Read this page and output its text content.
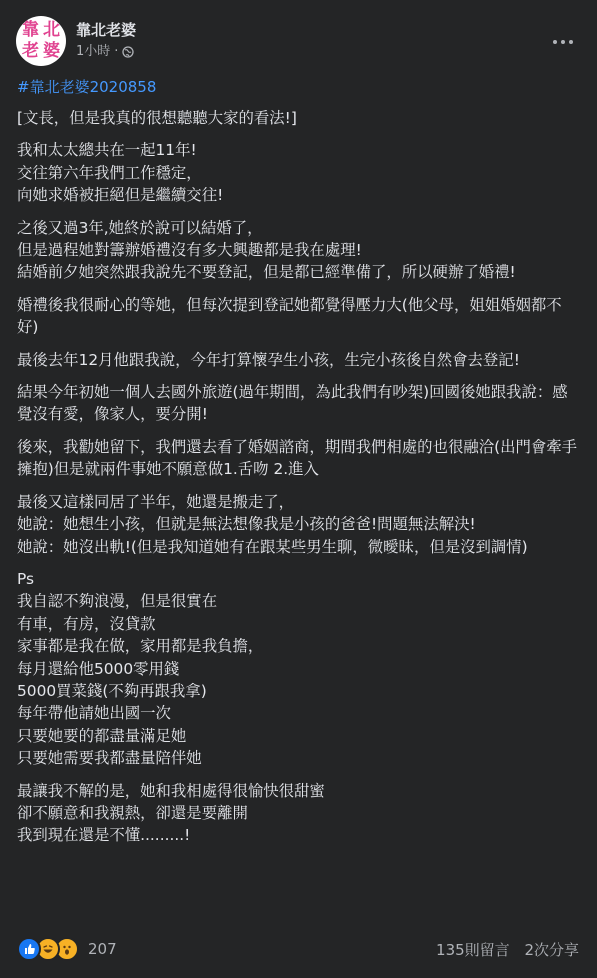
靠 北
老 婆
靠北老婆
1小時 ·
#靠北老婆2020858
[文長，但是我真的很想聽聽大家的看法!]
我和太太總共在一起11年!
交往第六年我們工作穩定，
向她求婚被拒絕但是繼續交往!
之後又過3年,她終於說可以結婚了，
但是過程她對籌辦婚禮沒有多大興趣都是我在處理!
結婚前夕她突然跟我說先不要登記，但是都已經準備了，所以硬辦了婚禮!
婚禮後我很耐心的等她，但每次提到登記她都覺得壓力大(他父母，姐姐婚姻都不好)
最後去年12月他跟我說，今年打算懷孕生小孩，生完小孩後自然會去登記!
結果今年初她一個人去國外旅遊(過年期間，為此我們有吵架)回國後她跟我說：感覺沒有愛，像家人，要分開!
後來，我勸她留下，我們還去看了婚姻諮商，期間我們相處的也很融洽(出門會牽手擁抱)但是就兩件事她不願意做1.舌吻 2.進入
最後又這樣同居了半年，她還是搬走了，
她說：她想生小孩，但就是無法想像我是小孩的爸爸!問題無法解決!
她說：她沒出軌!(但是我知道她有在跟某些男生聊，微曖昧，但是沒到調情)
Ps
我自認不夠浪漫，但是很實在
有車，有房，沒貸款
家事都是我在做，家用都是我負擔，
每月還給他5000零用錢
5000買菜錢(不夠再跟我拿)
每年帶他請她出國一次
只要她要的都盡量滿足她
只要她需要我都盡量陪伴她
最讓我不解的是，她和我相處得很愉快很甜蜜
卻不願意和我親熱，卻還是要離開
我到現在還是不懂.........!
207	135則留言 2次分享
